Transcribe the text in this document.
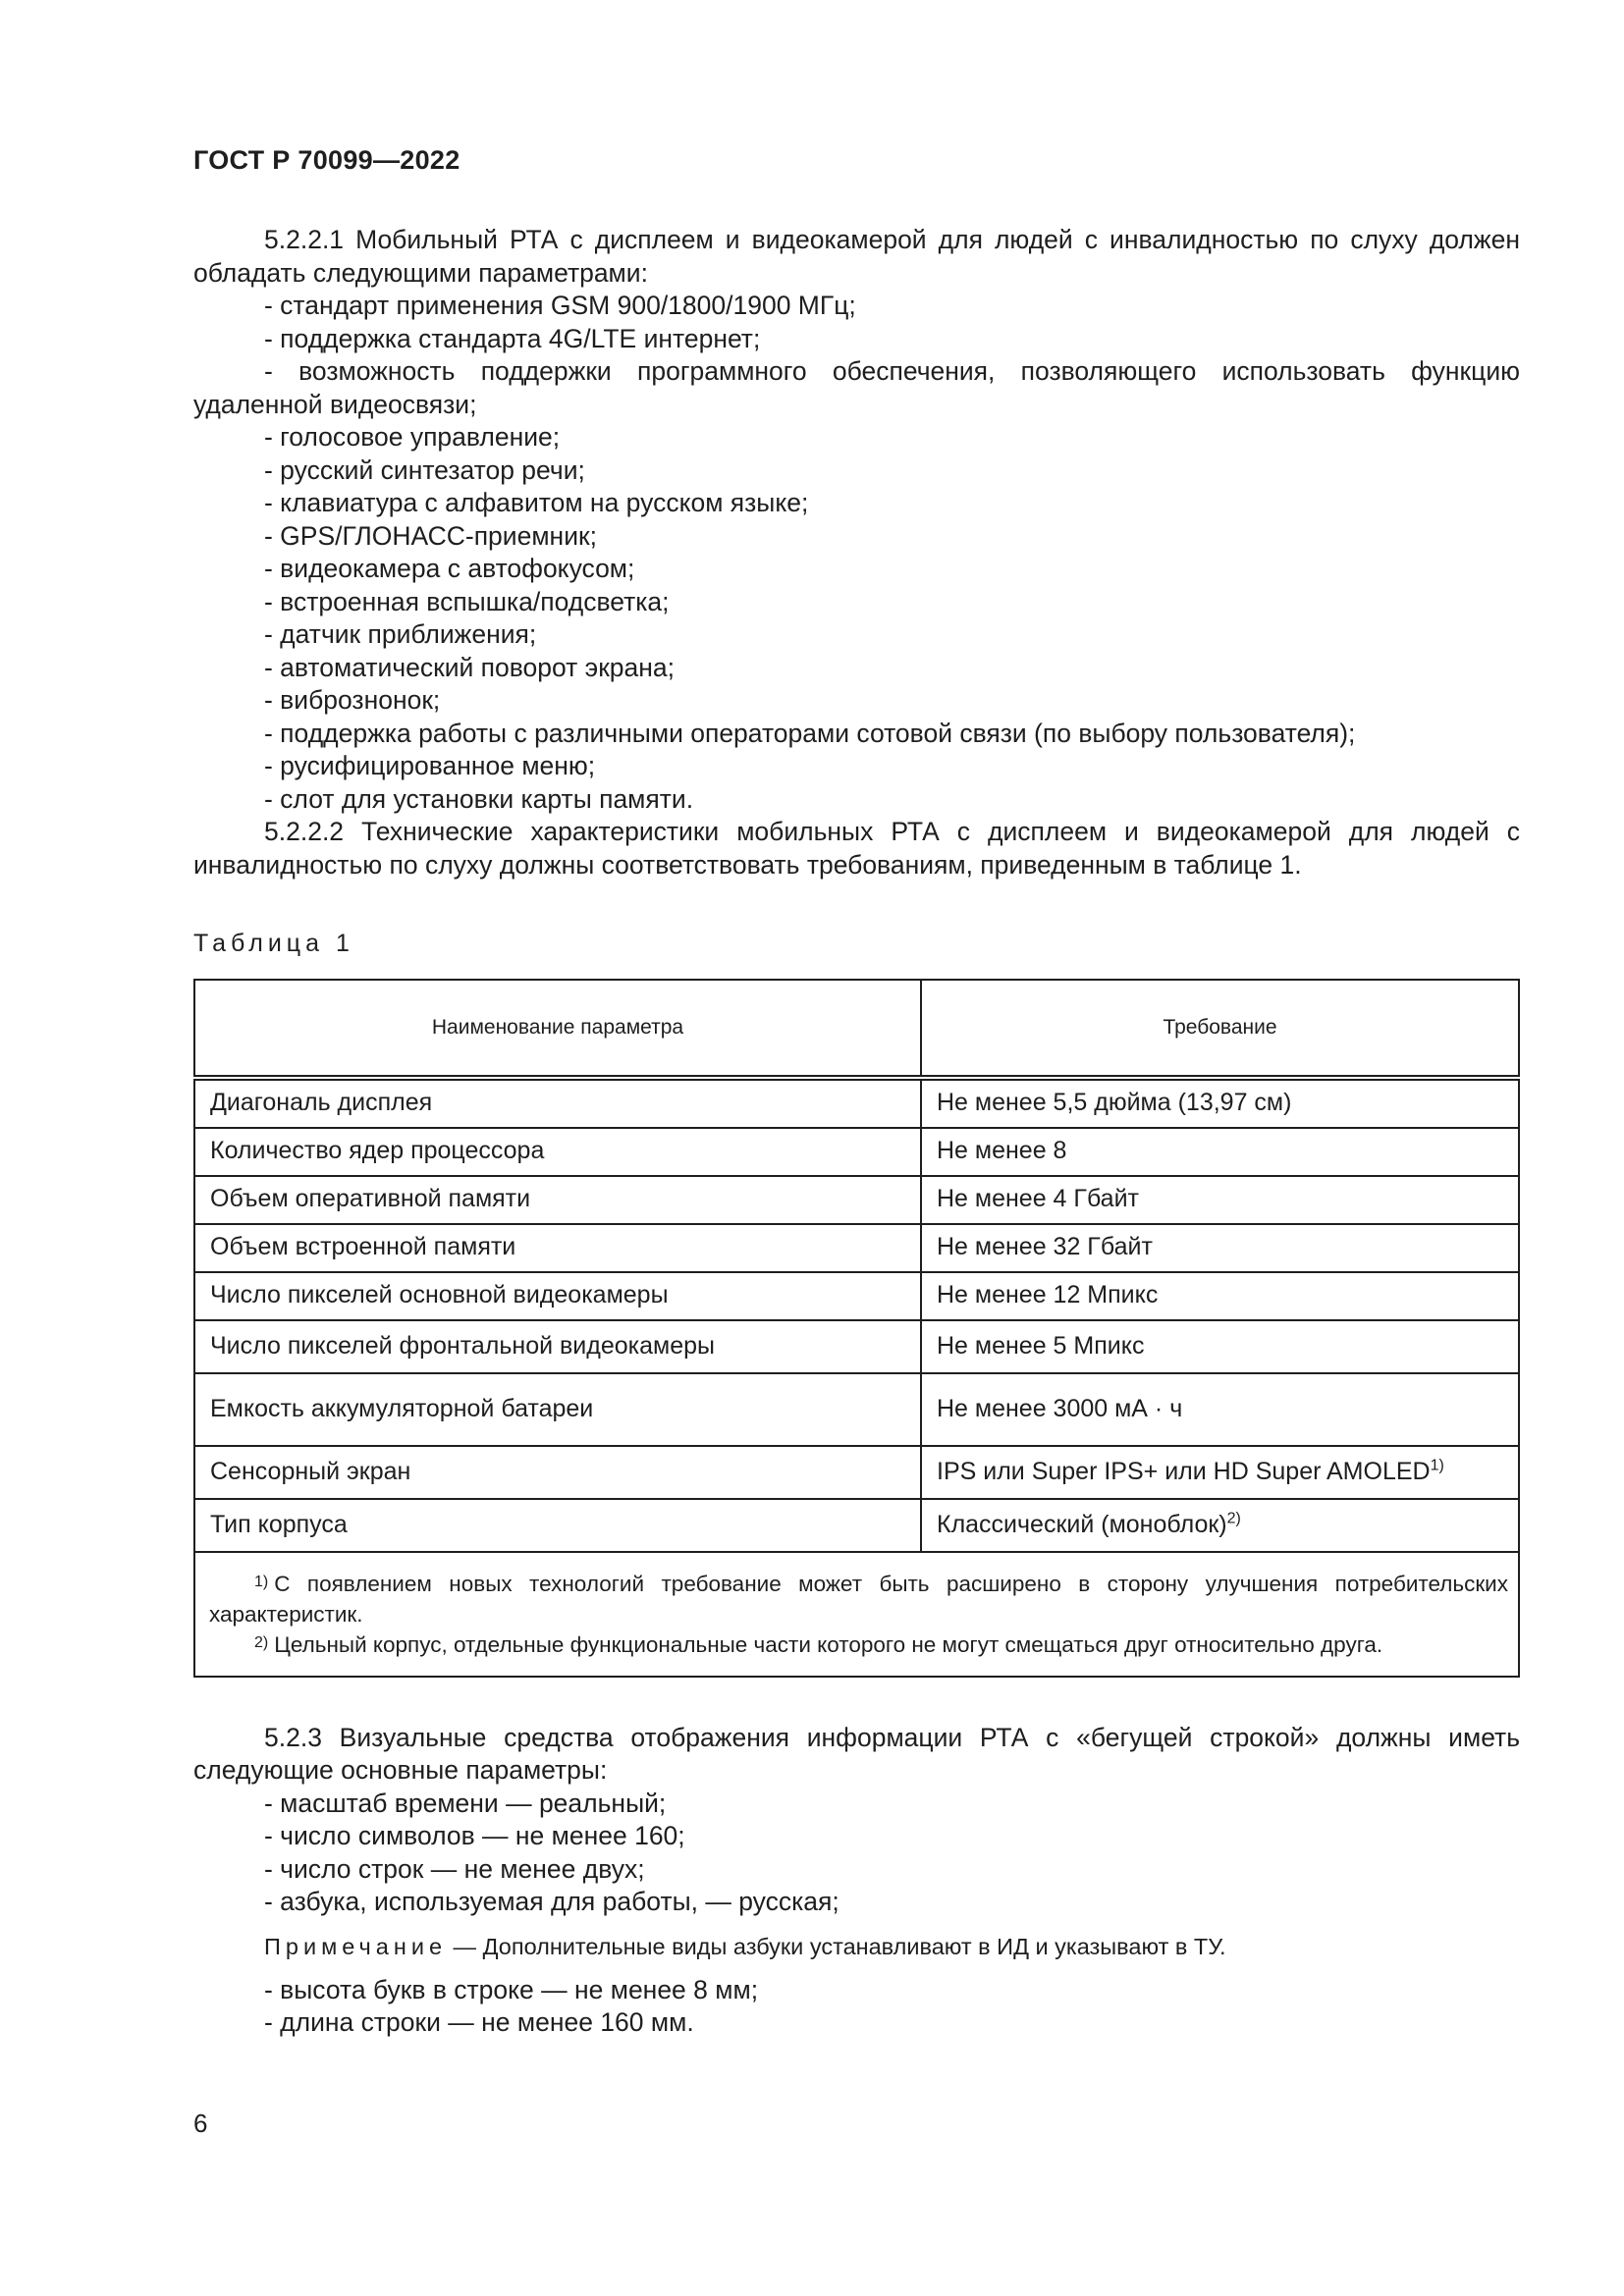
ГОСТ Р 70099—2022

5.2.2.1 Мобильный РТА с дисплеем и видеокамерой для людей с инвалидностью по слуху должен обладать следующими параметрами:

- стандарт применения GSM 900/1800/1900 МГц;
- поддержка стандарта 4G/LTE интернет;
- возможность поддержки программного обеспечения, позволяющего использовать функцию удаленной видеосвязи;
- голосовое управление;
- русский синтезатор речи;
- клавиатура с алфавитом на русском языке;
- GPS/ГЛОНАСС-приемник;
- видеокамера с автофокусом;
- встроенная вспышка/подсветка;
- датчик приближения;
- автоматический поворот экрана;
- вибрознонок;
- поддержка работы с различными операторами сотовой связи (по выбору пользователя);
- русифицированное меню;
- слот для установки карты памяти.

5.2.2.2 Технические характеристики мобильных РТА с дисплеем и видеокамерой для людей с инвалидностью по слуху должны соответствовать требованиям, приведенным в таблице 1.

Таблица 1
Наименование параметра	Требование
Диагональ дисплея	Не менее 5,5 дюйма (13,97 см)
Количество ядер процессора	Не менее 8
Объем оперативной памяти	Не менее 4 Гбайт
Объем встроенной памяти	Не менее 32 Гбайт
Число пикселей основной видеокамеры	Не менее 12 Мпикс
Число пикселей фронтальной видеокамеры	Не менее 5 Мпикс
Емкость аккумуляторной батареи	Не менее 3000 мА · ч
Сенсорный экран	IPS или Super IPS+ или HD Super AMOLED$^{1)}$
Тип корпуса	Классический (моноблок)$^{2)}$

$^{1)}$ С появлением новых технологий требование может быть расширено в сторону улучшения потребительских характеристик.
$^{2)}$ Цельный корпус, отдельные функциональные части которого не могут смещаться друг относительно друга.	

5.2.3 Визуальные средства отображения информации РТА с «бегущей строкой» должны иметь следующие основные параметры:

- масштаб времени — реальный;
- число символов — не менее 160;
- число строк — не менее двух;
- азбука, используемая для работы, — русская;
Примечание — Дополнительные виды азбуки устанавливают в ИД и указывают в ТУ.
- высота букв в строке — не менее 8 мм;
- длина строки — не менее 160 мм.
6
